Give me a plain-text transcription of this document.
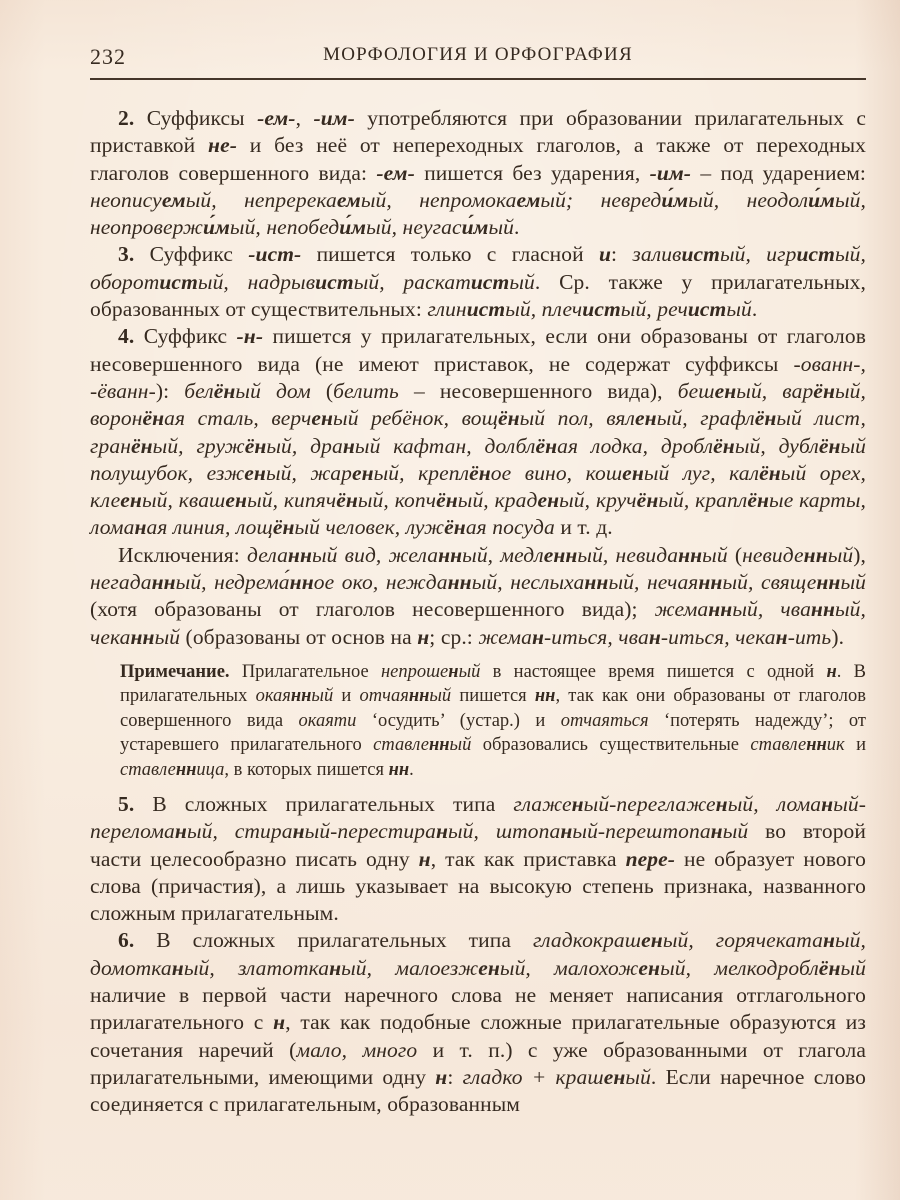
232	МОРФОЛОГИЯ И ОРФОГРАФИЯ

2. Суффиксы -ем-, -им- употребляются при образовании прилагательных с приставкой не- и без неё от непереходных глаголов, а также от переходных глаголов совершенного вида: -ем- пишется без ударения, -им- – под ударением: неописуемый, непререкаемый, непромокаемый; невреди́мый, неодоли́мый, неопровержи́мый, непобеди́мый, неугаси́мый.

3. Суффикс -ист- пишется только с гласной и: заливистый, игристый, оборотистый, надрывистый, раскатистый. Ср. также у прилагательных, образованных от существительных: глинистый, плечистый, речистый.

4. Суффикс -н- пишется у прилагательных, если они образованы от глаголов несовершенного вида (не имеют приставок, не содержат суффиксы -ованн-, -ёванн-): белёный дом (белить – несовершенного вида), бешеный, варёный, воронёная сталь, верченый ребёнок, вощёный пол, вяленый, графлёный лист, гранёный, гружёный, драный кафтан, долблёная лодка, дроблёный, дублёный полушубок, езженый, жареный, креплёное вино, кошеный луг, калёный орех, клееный, квашеный, кипячёный, копчёный, краденый, кручёный, краплёные карты, ломаная линия, лощёный человек, лужёная посуда и т. д.

Исключения: деланный вид, желанный, медленный, невиданный (невиденный), негаданный, недрема́нное око, нежданный, неслыханный, нечаянный, священный (хотя образованы от глаголов несовершенного вида); жеманный, чванный, чеканный (образованы от основ на н; ср.: жеман-иться, чван-иться, чекан-ить).

Примечание. Прилагательное непрошеный в настоящее время пишется с одной н. В прилагательных окаянный и отчаянный пишется нн, так как они образованы от глаголов совершенного вида окаяти ‘осудить’ (устар.) и отчаяться ‘потерять надежду’; от устаревшего прилагательного ставленный образовались существительные ставленник и ставленница, в которых пишется нн.

5. В сложных прилагательных типа глаженый-переглаженый, ломаный-переломаный, стираный-перестираный, штопаный-перештопаный во второй части целесообразно писать одну н, так как приставка пере- не образует нового слова (причастия), а лишь указывает на высокую степень признака, названного сложным прилагательным.

6. В сложных прилагательных типа гладкокрашеный, горячекатаный, домотканый, златотканый, малоезженый, малохоженый, мелкодроблёный наличие в первой части наречного слова не меняет написания отглагольного прилагательного с н, так как подобные сложные прилагательные образуются из сочетания наречий (мало, много и т. п.) с уже образованными от глагола прилагательными, имеющими одну н: гладко + крашеный. Если наречное слово соединяется с прилагательным, образованным
